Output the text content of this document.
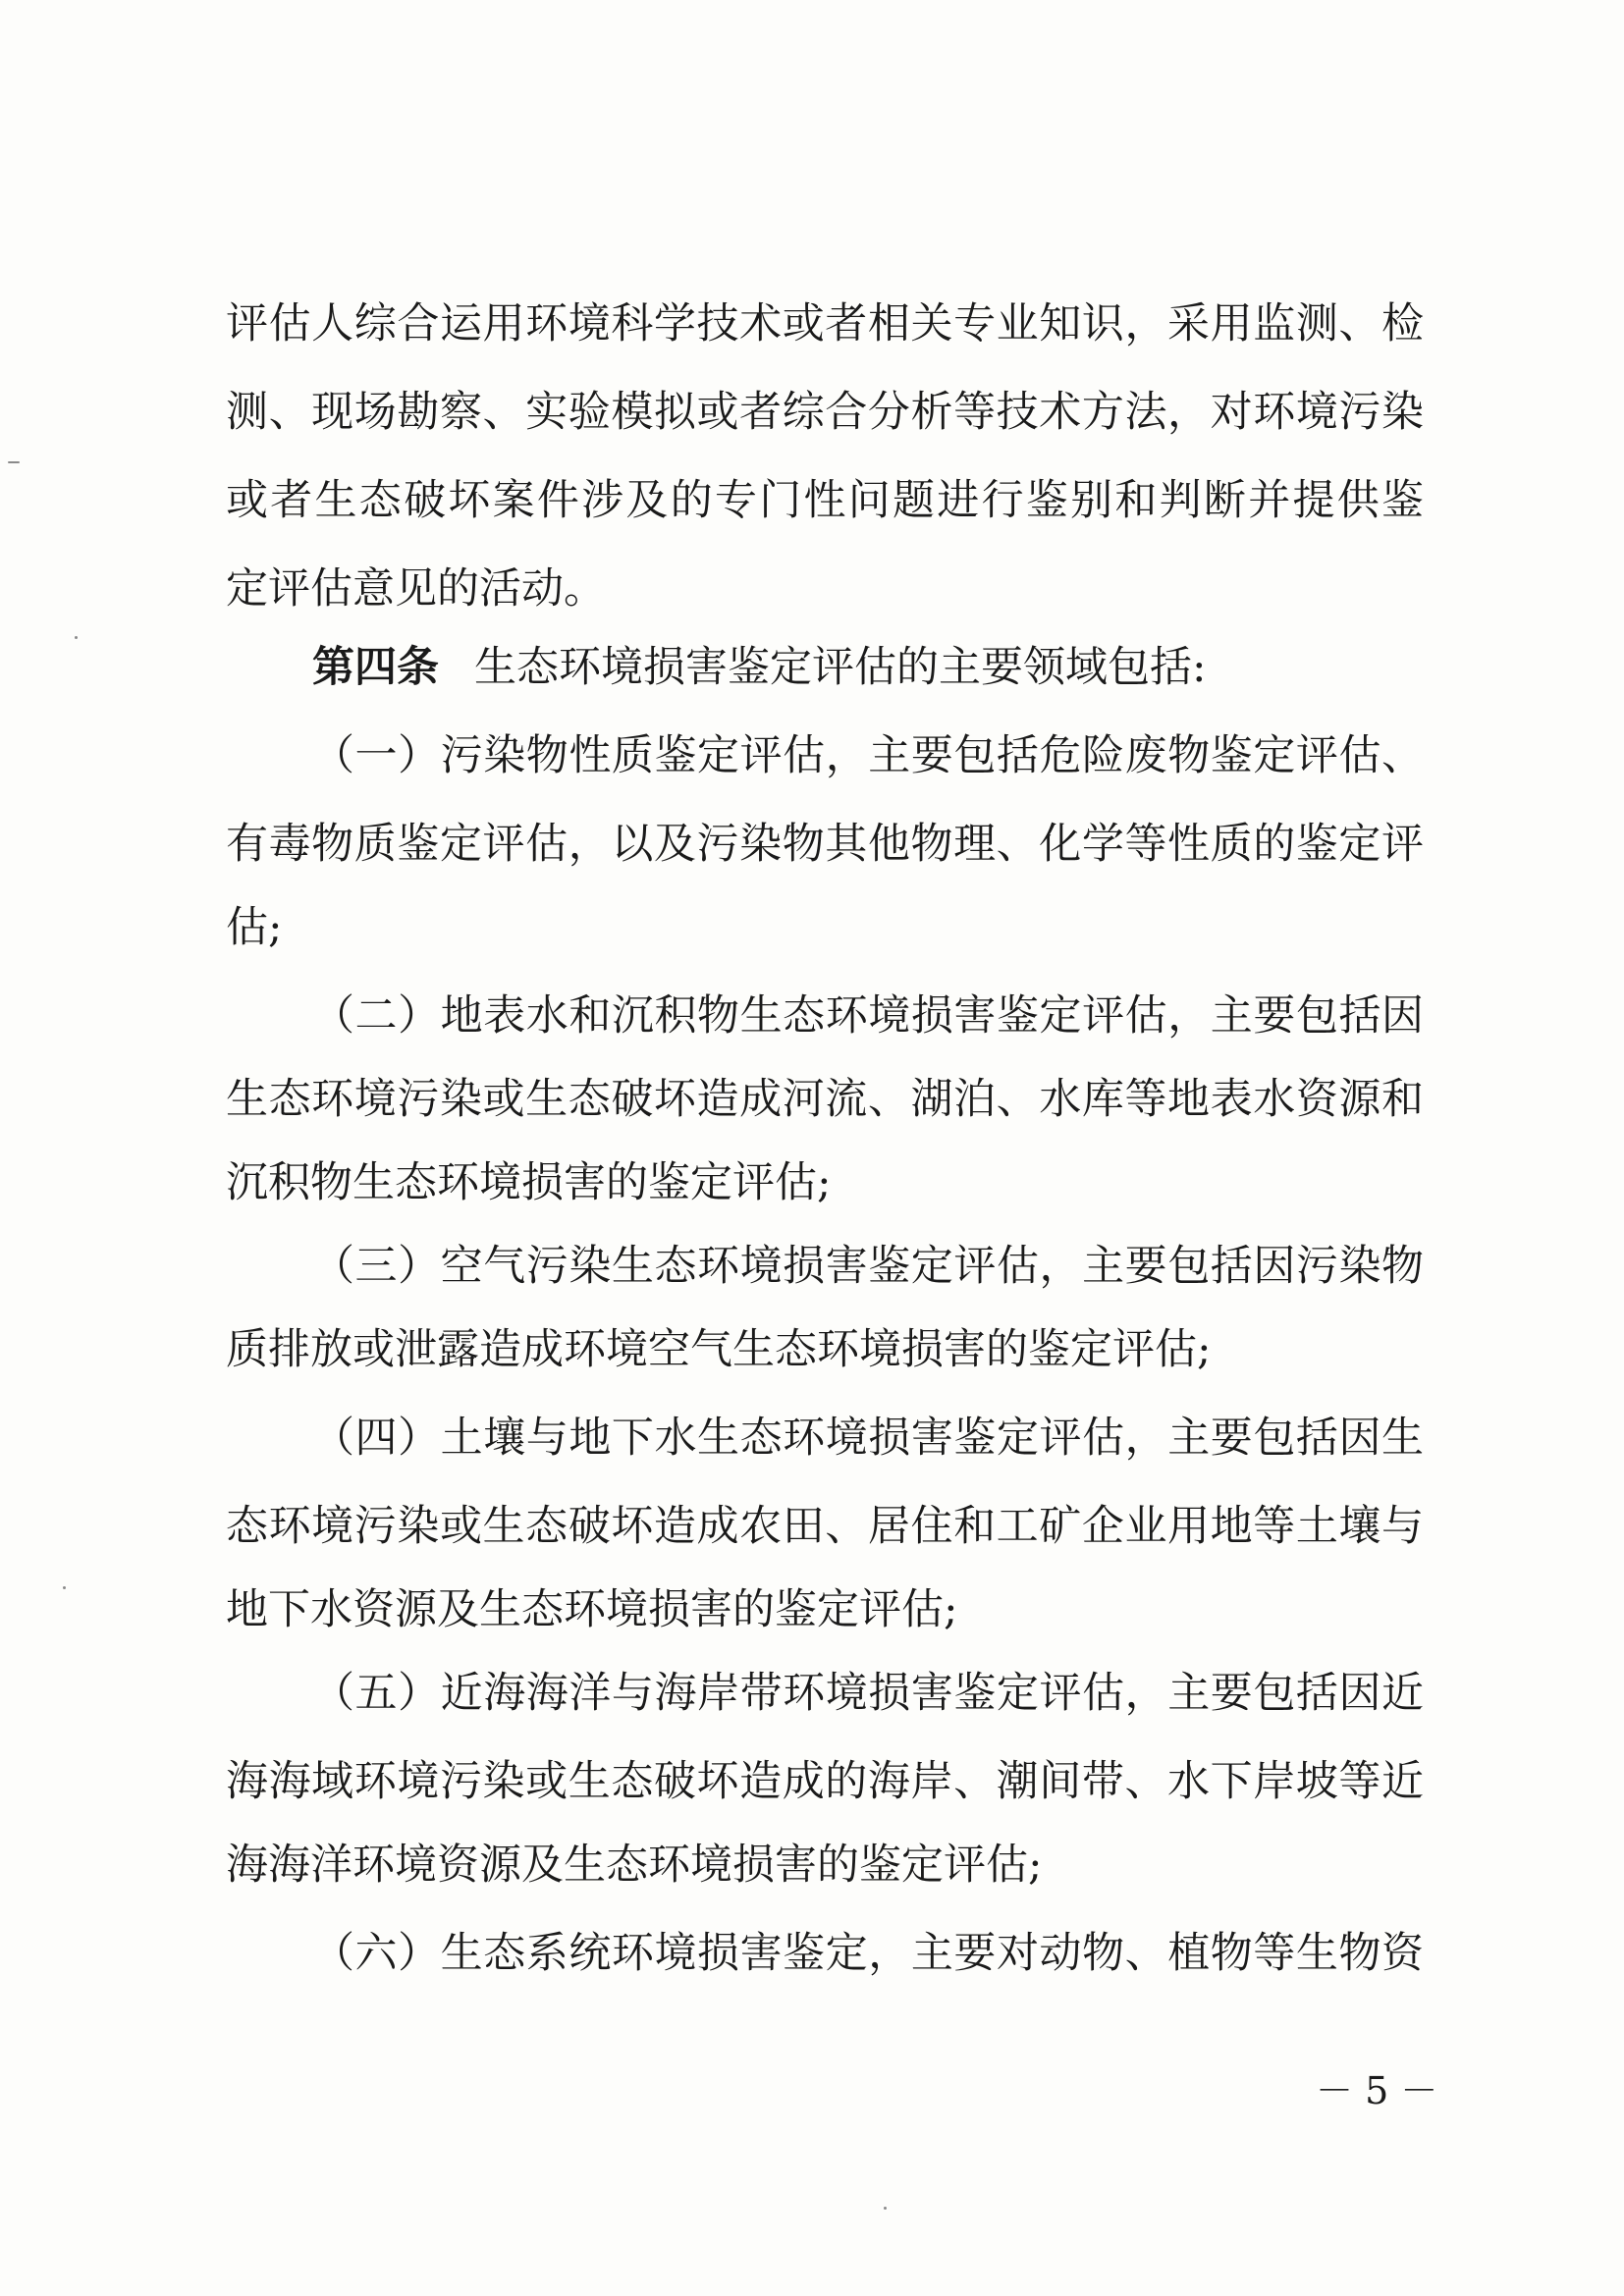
评估人综合运用环境科学技术或者相关专业知识，采用监测、检
测、现场勘察、实验模拟或者综合分析等技术方法，对环境污染
或者生态破坏案件涉及的专门性问题进行鉴别和判断并提供鉴
定评估意见的活动。
第四条 生态环境损害鉴定评估的主要领域包括:
（一）污染物性质鉴定评估，主要包括危险废物鉴定评估、
有毒物质鉴定评估，以及污染物其他物理、化学等性质的鉴定评
估;
（二）地表水和沉积物生态环境损害鉴定评估，主要包括因
生态环境污染或生态破坏造成河流、湖泊、水库等地表水资源和
沉积物生态环境损害的鉴定评估;
（三）空气污染生态环境损害鉴定评估，主要包括因污染物
质排放或泄露造成环境空气生态环境损害的鉴定评估;
（四）土壤与地下水生态环境损害鉴定评估，主要包括因生
态环境污染或生态破坏造成农田、居住和工矿企业用地等土壤与
地下水资源及生态环境损害的鉴定评估;
（五）近海海洋与海岸带环境损害鉴定评估，主要包括因近
海海域环境污染或生态破坏造成的海岸、潮间带、水下岸坡等近
海海洋环境资源及生态环境损害的鉴定评估;
（六）生态系统环境损害鉴定，主要对动物、植物等生物资
－ 5 －
